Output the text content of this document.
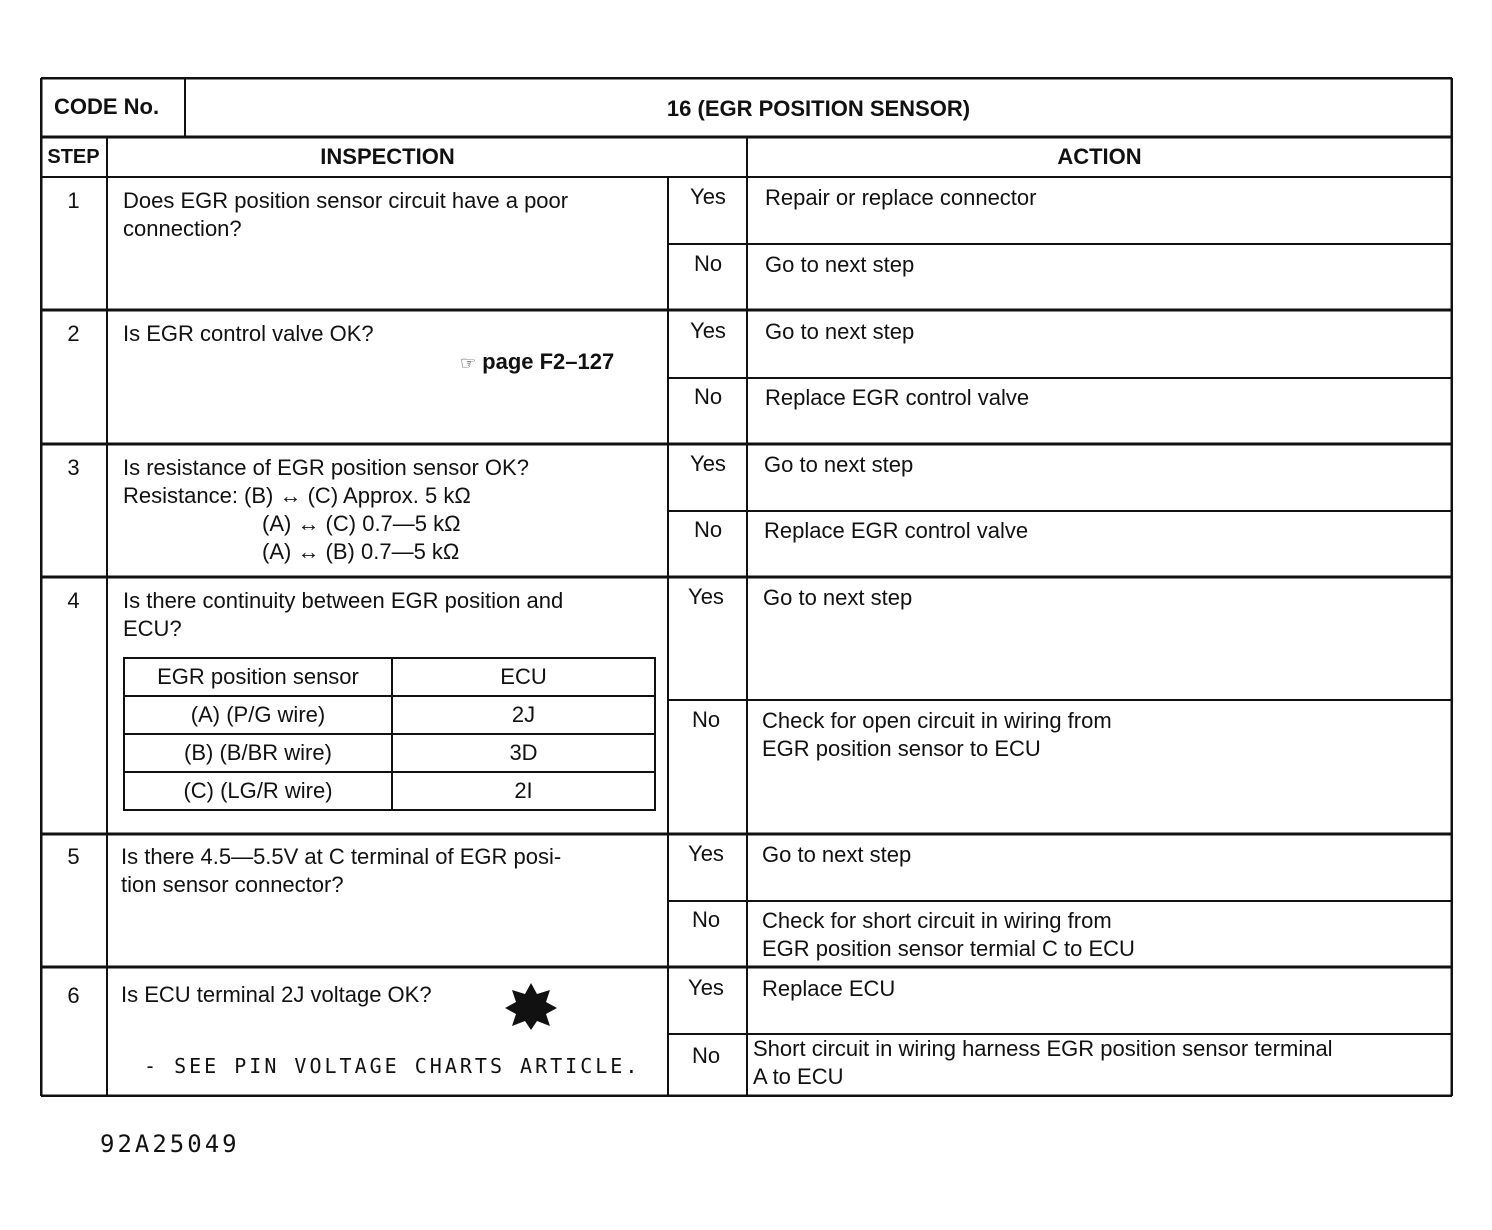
CODE No.	16 (EGR POSITION SENSOR)
STEP	INSPECTION	ACTION
1	Does EGR position sensor circuit have a poor
connection?
Yes	Repair or replace connector
No	Go to next step
2	Is EGR control valve OK?
☞ page F2–127
Yes	Go to next step
No	Replace EGR control valve
3	Is resistance of EGR position sensor OK?
Resistance: (B) ↔ (C) Approx. 5 kΩ
(A) ↔ (C) 0.7—5 kΩ
(A) ↔ (B) 0.7—5 kΩ
Yes	Go to next step
No	Replace EGR control valve
4	Is there continuity between EGR position and
ECU?
EGR position sensor	ECU
(A) (P/G wire)	2J
(B) (B/BR wire)	3D
(C) (LG/R wire)	2I
Yes	Go to next step
No	Check for open circuit in wiring from
EGR position sensor to ECU
5	Is there 4.5—5.5V at C terminal of EGR posi-
tion sensor connector?
Yes	Go to next step
No	Check for short circuit in wiring from
EGR position sensor termial C to ECU
6	Is ECU terminal 2J voltage OK?
- SEE PIN VOLTAGE CHARTS ARTICLE.
Yes	Replace ECU
No	Short circuit in wiring harness EGR position sensor terminal
A to ECU
92A25049
